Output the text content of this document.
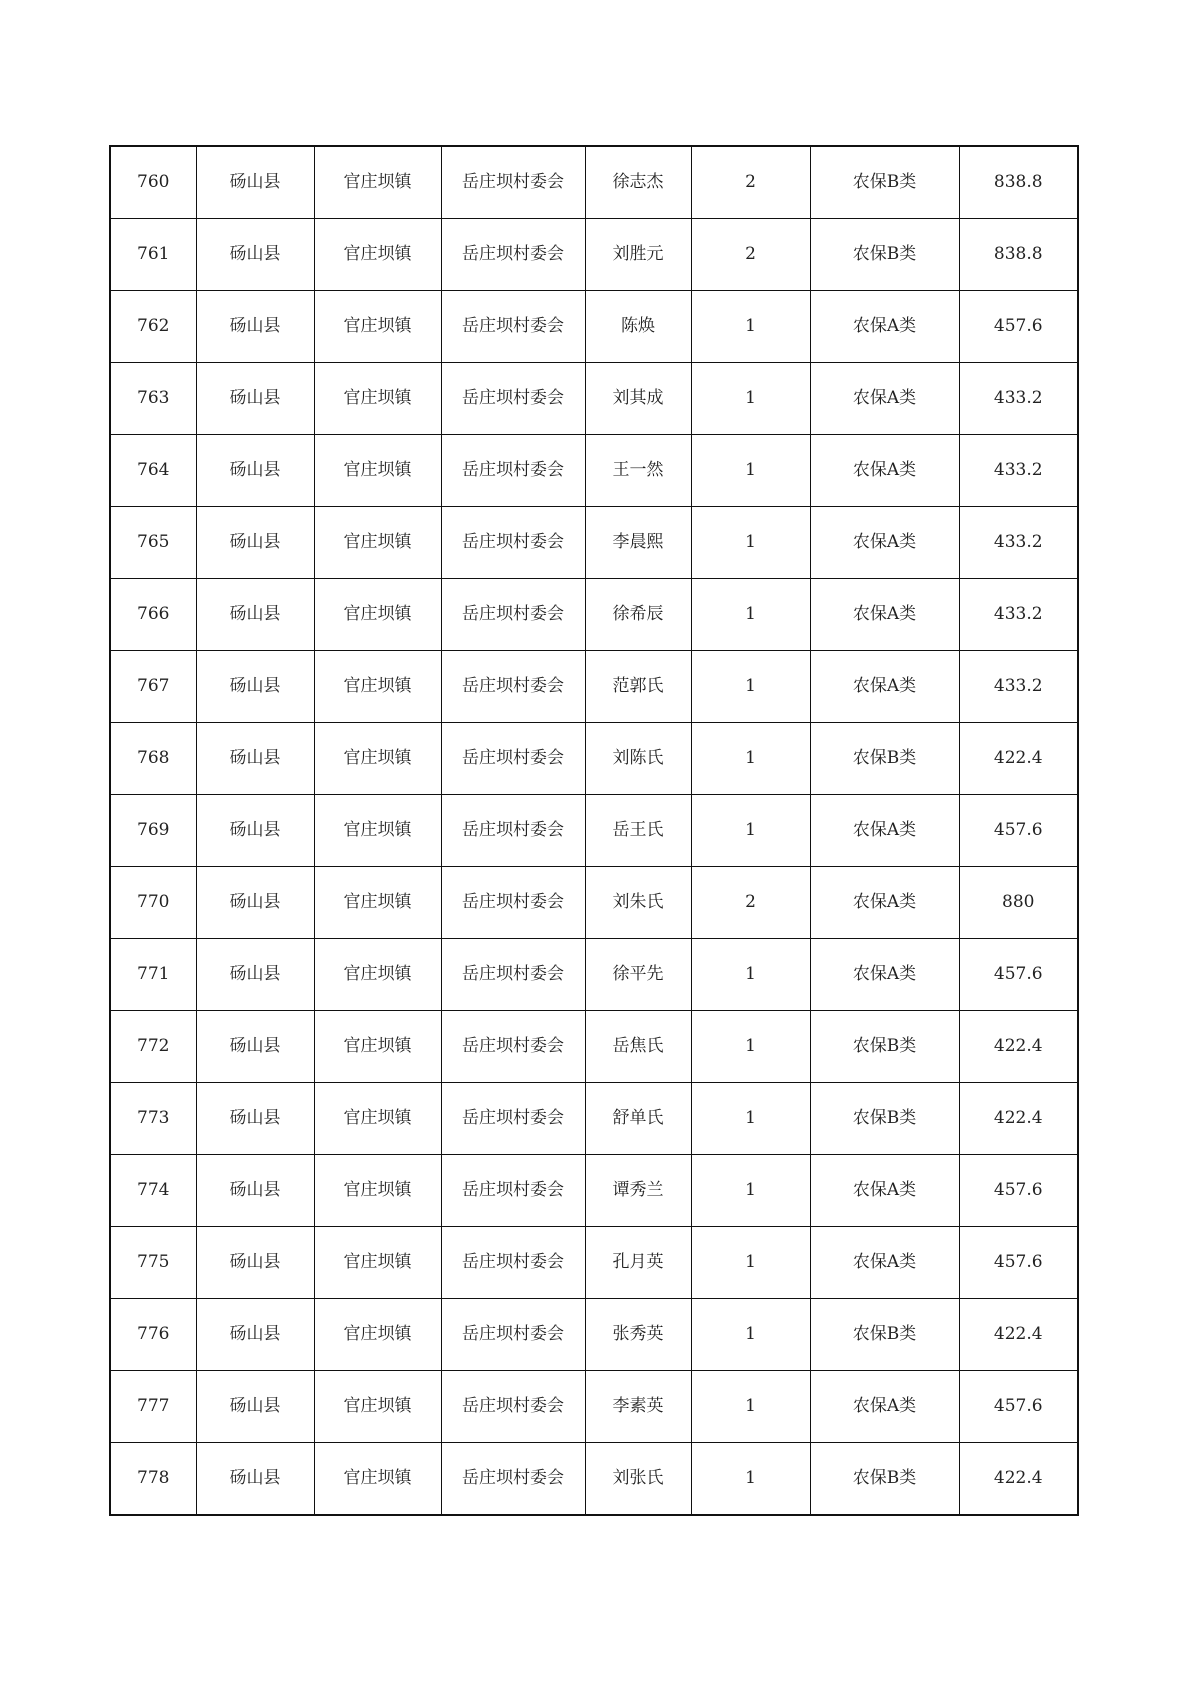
760	砀山县	官庄坝镇	岳庄坝村委会	徐志杰	2	农保B类	838.8
761	砀山县	官庄坝镇	岳庄坝村委会	刘胜元	2	农保B类	838.8
762	砀山县	官庄坝镇	岳庄坝村委会	陈焕	1	农保A类	457.6
763	砀山县	官庄坝镇	岳庄坝村委会	刘其成	1	农保A类	433.2
764	砀山县	官庄坝镇	岳庄坝村委会	王一然	1	农保A类	433.2
765	砀山县	官庄坝镇	岳庄坝村委会	李晨熙	1	农保A类	433.2
766	砀山县	官庄坝镇	岳庄坝村委会	徐希辰	1	农保A类	433.2
767	砀山县	官庄坝镇	岳庄坝村委会	范郭氏	1	农保A类	433.2
768	砀山县	官庄坝镇	岳庄坝村委会	刘陈氏	1	农保B类	422.4
769	砀山县	官庄坝镇	岳庄坝村委会	岳王氏	1	农保A类	457.6
770	砀山县	官庄坝镇	岳庄坝村委会	刘朱氏	2	农保A类	880
771	砀山县	官庄坝镇	岳庄坝村委会	徐平先	1	农保A类	457.6
772	砀山县	官庄坝镇	岳庄坝村委会	岳焦氏	1	农保B类	422.4
773	砀山县	官庄坝镇	岳庄坝村委会	舒单氏	1	农保B类	422.4
774	砀山县	官庄坝镇	岳庄坝村委会	谭秀兰	1	农保A类	457.6
775	砀山县	官庄坝镇	岳庄坝村委会	孔月英	1	农保A类	457.6
776	砀山县	官庄坝镇	岳庄坝村委会	张秀英	1	农保B类	422.4
777	砀山县	官庄坝镇	岳庄坝村委会	李素英	1	农保A类	457.6
778	砀山县	官庄坝镇	岳庄坝村委会	刘张氏	1	农保B类	422.4
